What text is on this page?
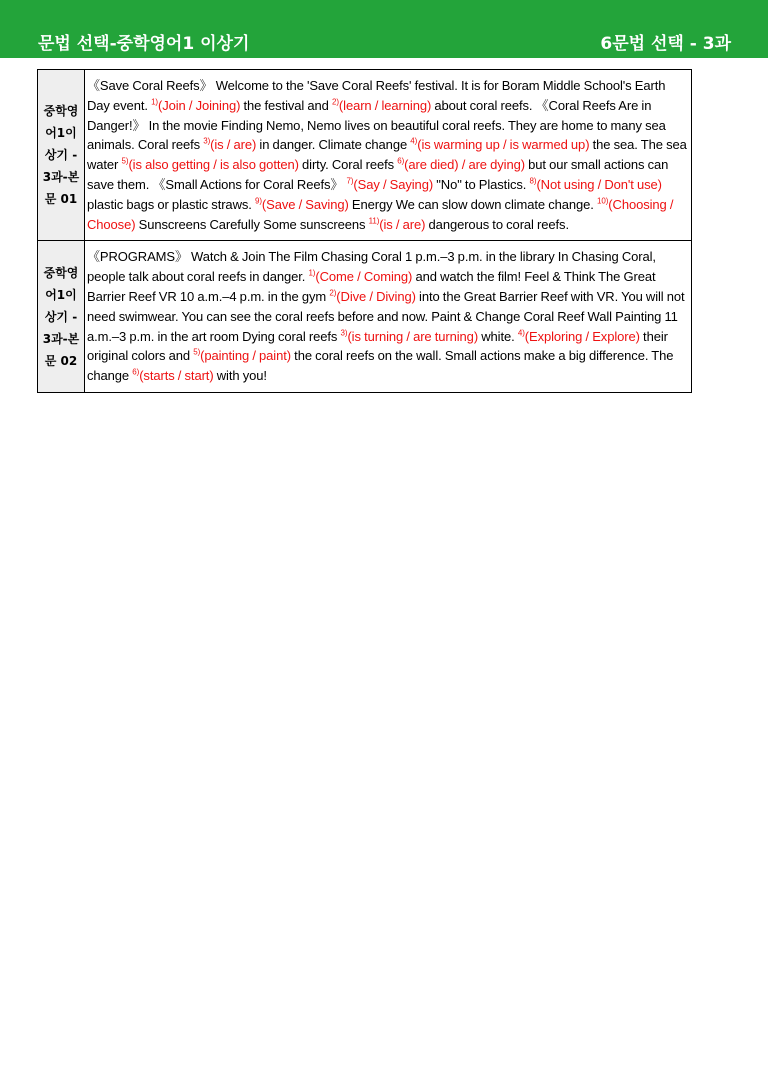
문법 선택-중학영어1 이상기	6문법 선택 - 3과
중학영어1이상기 - 3과-본문 01	《Save Coral Reefs》 Welcome to the 'Save Coral Reefs' festival. It is for Boram Middle School's Earth Day event. $^{1)}$(Join / Joining) the festival and $^{2)}$(learn / learning) about coral reefs. 《Coral Reefs Are in Danger!》 In the movie Finding Nemo, Nemo lives on beautiful coral reefs. They are home to many sea animals. Coral reefs $^{3)}$(is / are) in danger. Climate change $^{4)}$(is warming up / is warmed up) the sea. The sea water $^{5)}$(is also getting / is also gotten) dirty. Coral reefs $^{6)}$(are died) / are dying) but our small actions can save them. 《Small Actions for Coral Reefs》 $^{7)}$(Say / Saying) "No" to Plastics. $^{8)}$(Not using / Don't use) plastic bags or plastic straws. $^{9)}$(Save / Saving) Energy We can slow down climate change. $^{10)}$(Choosing / Choose) Sunscreens Carefully Some sunscreens $^{11)}$(is / are) dangerous to coral reefs.
중학영어1이상기 - 3과-본문 02	《PROGRAMS》 Watch & Join The Film Chasing Coral 1 p.m.–3 p.m. in the library In Chasing Coral, people talk about coral reefs in danger. $^{1)}$(Come / Coming) and watch the film! Feel & Think The Great Barrier Reef VR 10 a.m.–4 p.m. in the gym $^{2)}$(Dive / Diving) into the Great Barrier Reef with VR. You will not need swimwear. You can see the coral reefs before and now. Paint & Change Coral Reef Wall Painting 11 a.m.–3 p.m. in the art room Dying coral reefs $^{3)}$(is turning / are turning) white. $^{4)}$(Exploring / Explore) their original colors and $^{5)}$(painting / paint) the coral reefs on the wall. Small actions make a big difference. The change $^{6)}$(starts / start) with you!
